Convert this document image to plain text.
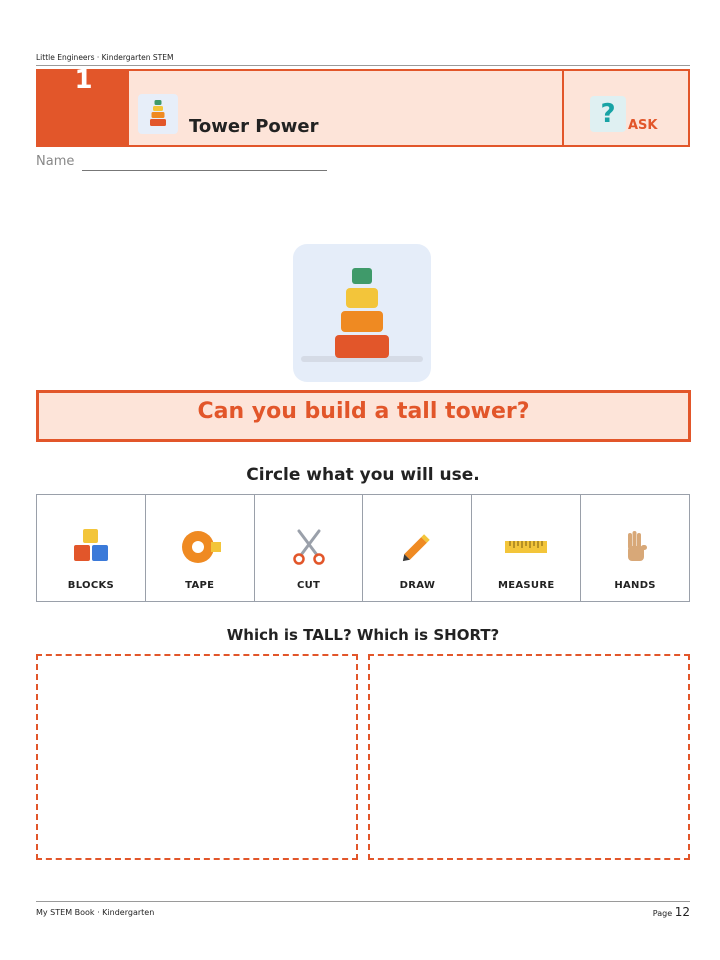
Little Engineers · Kindergarten STEM
1
Tower Power	? ASK
Name
Can you build a tall tower?
Circle what you will use.
BLOCKS	TAPE	CUT	DRAW	MEASURE	HANDS
Which is TALL? Which is SHORT?
My STEM Book · Kindergarten	Page 12
